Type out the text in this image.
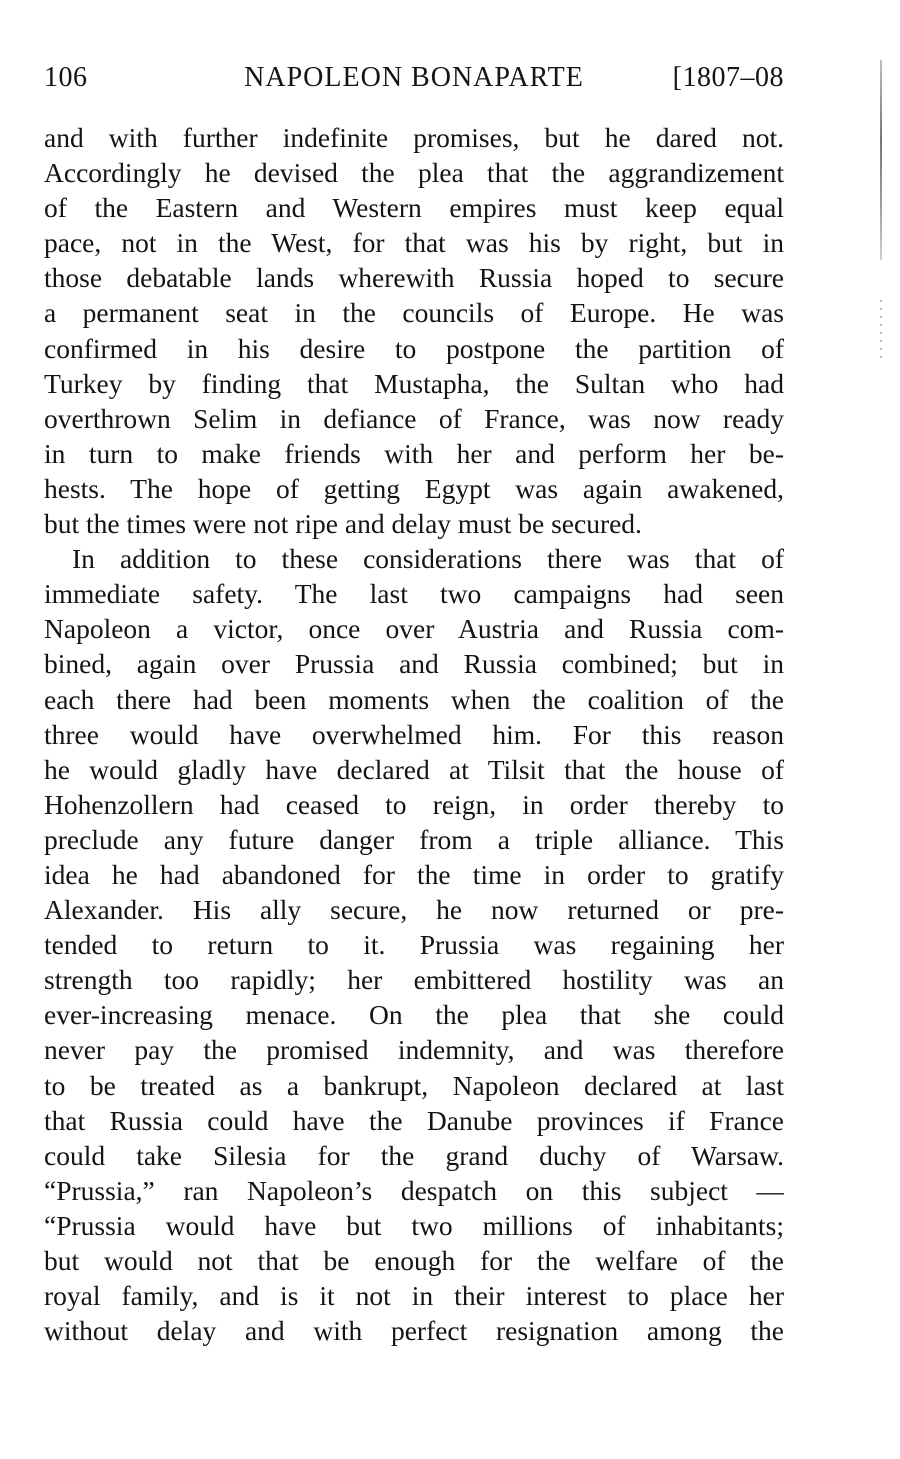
106	NAPOLEON BONAPARTE	[1807–08
and with further indefinite promises, but he dared not.
Accordingly he devised the plea that the aggrandizement
of the Eastern and Western empires must keep equal
pace, not in the West, for that was his by right, but in
those debatable lands wherewith Russia hoped to secure
a permanent seat in the councils of Europe. He was
confirmed in his desire to postpone the partition of
Turkey by finding that Mustapha, the Sultan who had
overthrown Selim in defiance of France, was now ready
in turn to make friends with her and perform her be-
hests. The hope of getting Egypt was again awakened,
but the times were not ripe and delay must be secured.
In addition to these considerations there was that of
immediate safety. The last two campaigns had seen
Napoleon a victor, once over Austria and Russia com-
bined, again over Prussia and Russia combined; but in
each there had been moments when the coalition of the
three would have overwhelmed him. For this reason
he would gladly have declared at Tilsit that the house of
Hohenzollern had ceased to reign, in order thereby to
preclude any future danger from a triple alliance. This
idea he had abandoned for the time in order to gratify
Alexander. His ally secure, he now returned or pre-
tended to return to it. Prussia was regaining her
strength too rapidly; her embittered hostility was an
ever-increasing menace. On the plea that she could
never pay the promised indemnity, and was therefore
to be treated as a bankrupt, Napoleon declared at last
that Russia could have the Danube provinces if France
could take Silesia for the grand duchy of Warsaw.
“Prussia,” ran Napoleon’s despatch on this subject —
“Prussia would have but two millions of inhabitants;
but would not that be enough for the welfare of the
royal family, and is it not in their interest to place her
without delay and with perfect resignation among the
